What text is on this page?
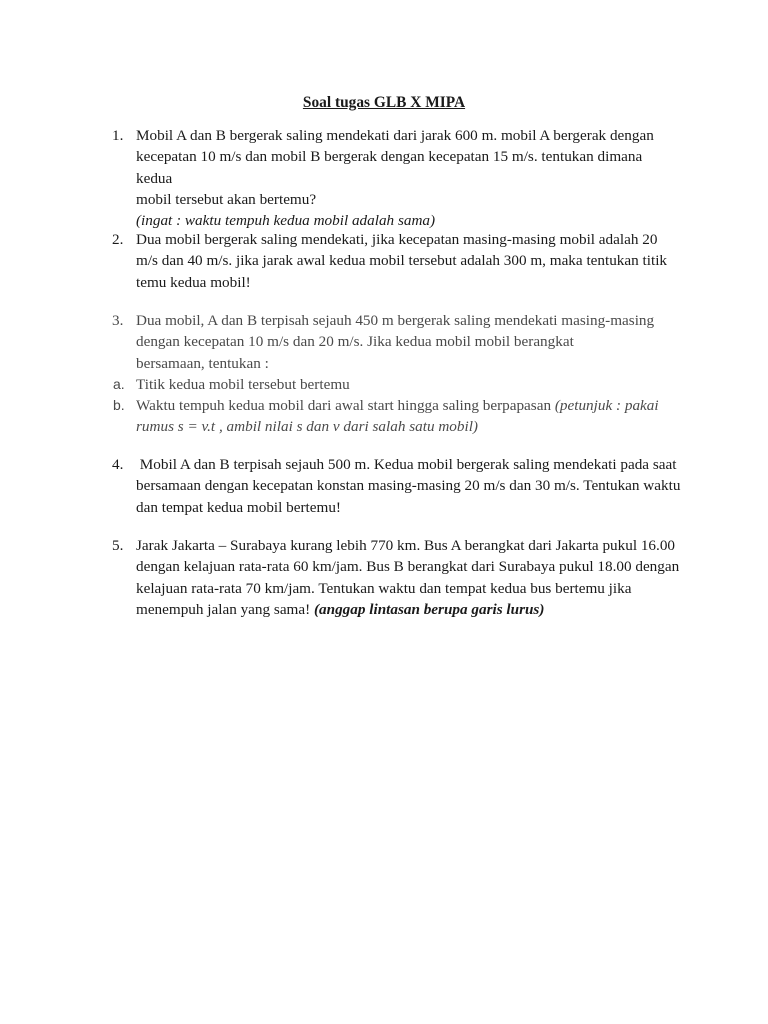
Soal tugas GLB X MIPA
1. Mobil A dan B bergerak saling mendekati dari jarak 600 m. mobil A bergerak dengan

kecepatan 10 m/s dan mobil B bergerak dengan kecepatan 15 m/s. tentukan dimana kedua

mobil tersebut akan bertemu?

(ingat : waktu tempuh kedua mobil adalah sama)

2. Dua mobil bergerak saling mendekati, jika kecepatan masing-masing mobil adalah 20

m/s dan 40 m/s. jika jarak awal kedua mobil tersebut adalah 300 m, maka tentukan titik

temu kedua mobil!

3. Dua mobil, A dan B terpisah sejauh 450 m bergerak saling mendekati masing-masing

dengan kecepatan 10 m/s dan 20 m/s. Jika kedua mobil mobil berangkat

bersamaan, tentukan :

a. Titik kedua mobil tersebut bertemu

b. Waktu tempuh kedua mobil dari awal start hingga saling berpapasan (petunjuk : pakai

rumus s = v.t , ambil nilai s dan v dari salah satu mobil)

4. Mobil A dan B terpisah sejauh 500 m. Kedua mobil bergerak saling mendekati pada saat

bersamaan dengan kecepatan konstan masing-masing 20 m/s dan 30 m/s. Tentukan waktu

dan tempat kedua mobil bertemu!

5. Jarak Jakarta – Surabaya kurang lebih 770 km. Bus A berangkat dari Jakarta pukul 16.00

dengan kelajuan rata-rata 60 km/jam. Bus B berangkat dari Surabaya pukul 18.00 dengan

kelajuan rata-rata 70 km/jam. Tentukan waktu dan tempat kedua bus bertemu jika

menempuh jalan yang sama! (anggap lintasan berupa garis lurus)
